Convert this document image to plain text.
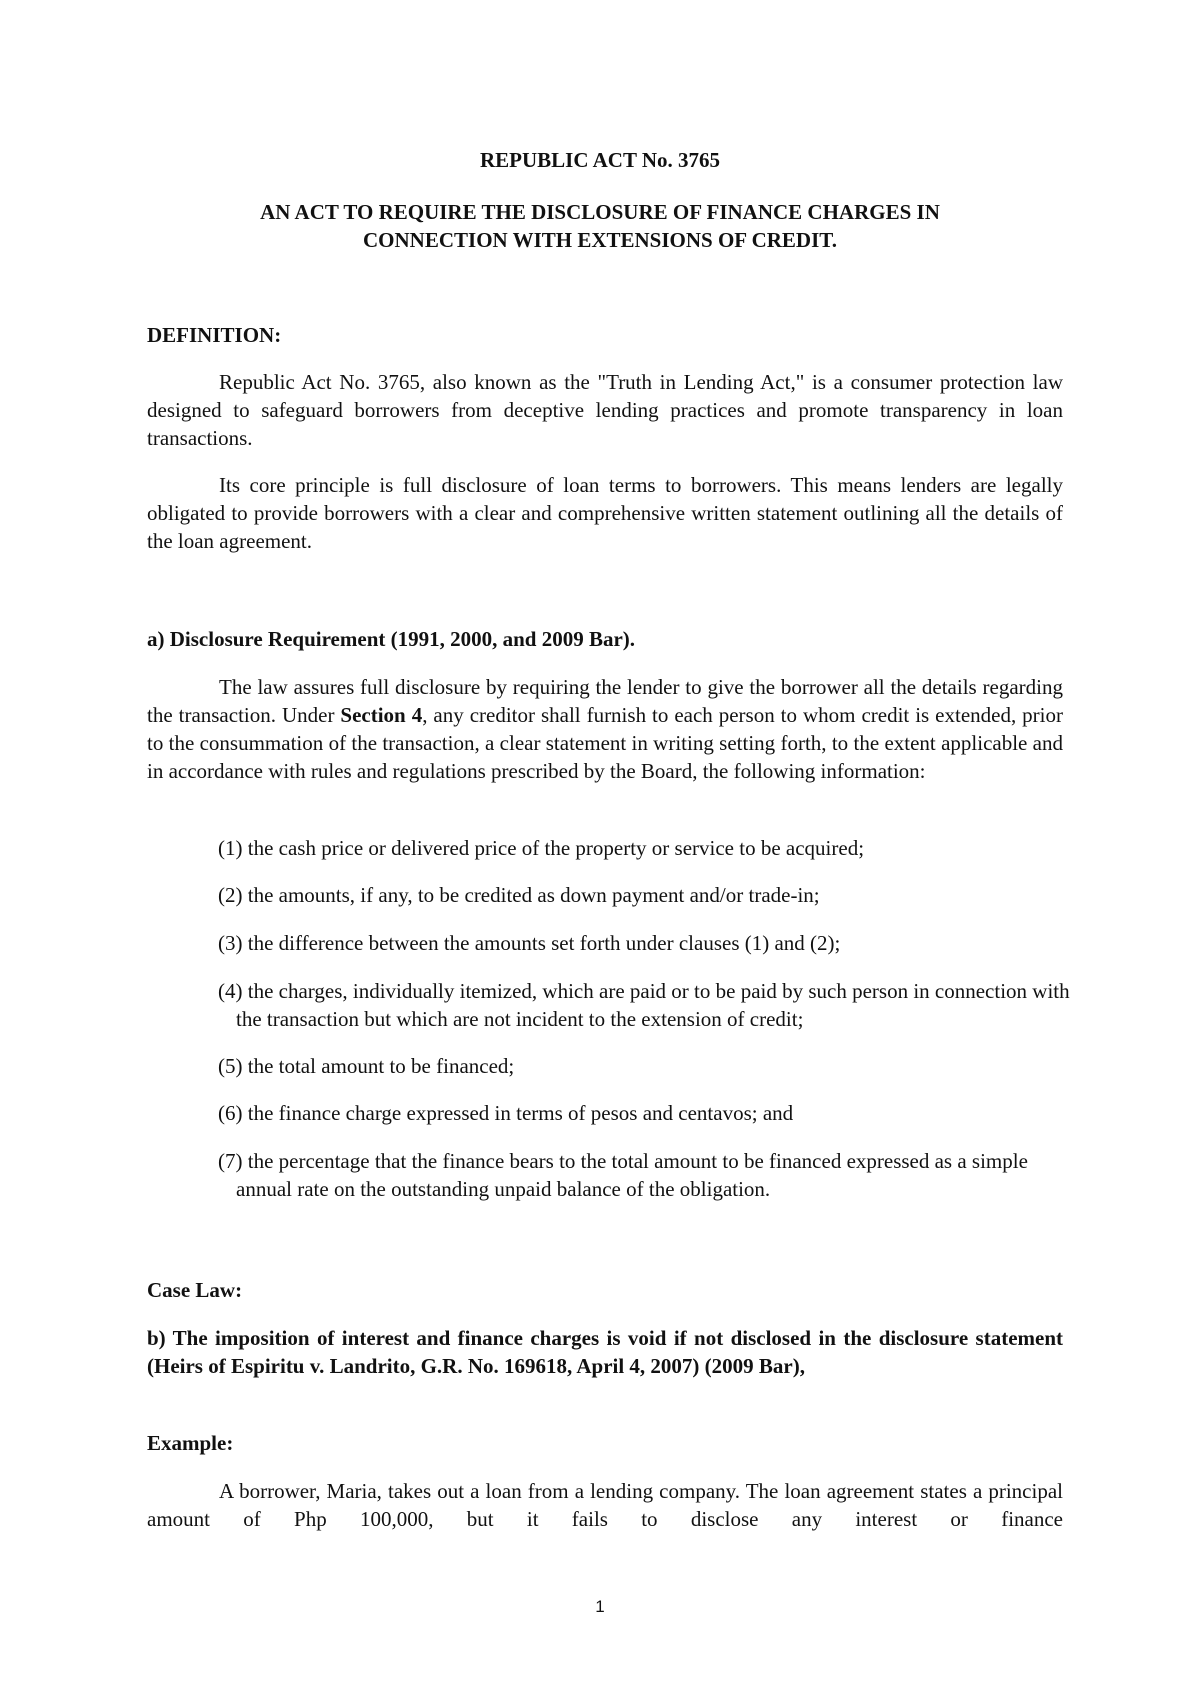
REPUBLIC ACT No. 3765
AN ACT TO REQUIRE THE DISCLOSURE OF FINANCE CHARGES IN
CONNECTION WITH EXTENSIONS OF CREDIT.
DEFINITION:

Republic Act No. 3765, also known as the "Truth in Lending Act," is a consumer protection law designed to safeguard borrowers from deceptive lending practices and promote transparency in loan transactions.

Its core principle is full disclosure of loan terms to borrowers. This means lenders are legally obligated to provide borrowers with a clear and comprehensive written statement outlining all the details of the loan agreement.

a) Disclosure Requirement (1991, 2000, and 2009 Bar).

The law assures full disclosure by requiring the lender to give the borrower all the details regarding the transaction. Under Section 4, any creditor shall furnish to each person to whom credit is extended, prior to the consummation of the transaction, a clear statement in writing setting forth, to the extent applicable and in accordance with rules and regulations prescribed by the Board, the following information:

(1) the cash price or delivered price of the property or service to be acquired;
(2) the amounts, if any, to be credited as down payment and/or trade-in;
(3) the difference between the amounts set forth under clauses (1) and (2);
(4) the charges, individually itemized, which are paid or to be paid by such person in connection with the transaction but which are not incident to the extension of credit;
(5) the total amount to be financed;
(6) the finance charge expressed in terms of pesos and centavos; and
(7) the percentage that the finance bears to the total amount to be financed expressed as a simple annual rate on the outstanding unpaid balance of the obligation.
Case Law:

b) The imposition of interest and finance charges is void if not disclosed in the disclosure statement (Heirs of Espiritu v. Landrito, G.R. No. 169618, April 4, 2007) (2009 Bar),

Example:

A borrower, Maria, takes out a loan from a lending company. The loan agreement states a principal amount of Php 100,000, but it fails to disclose any interest or finance

1
